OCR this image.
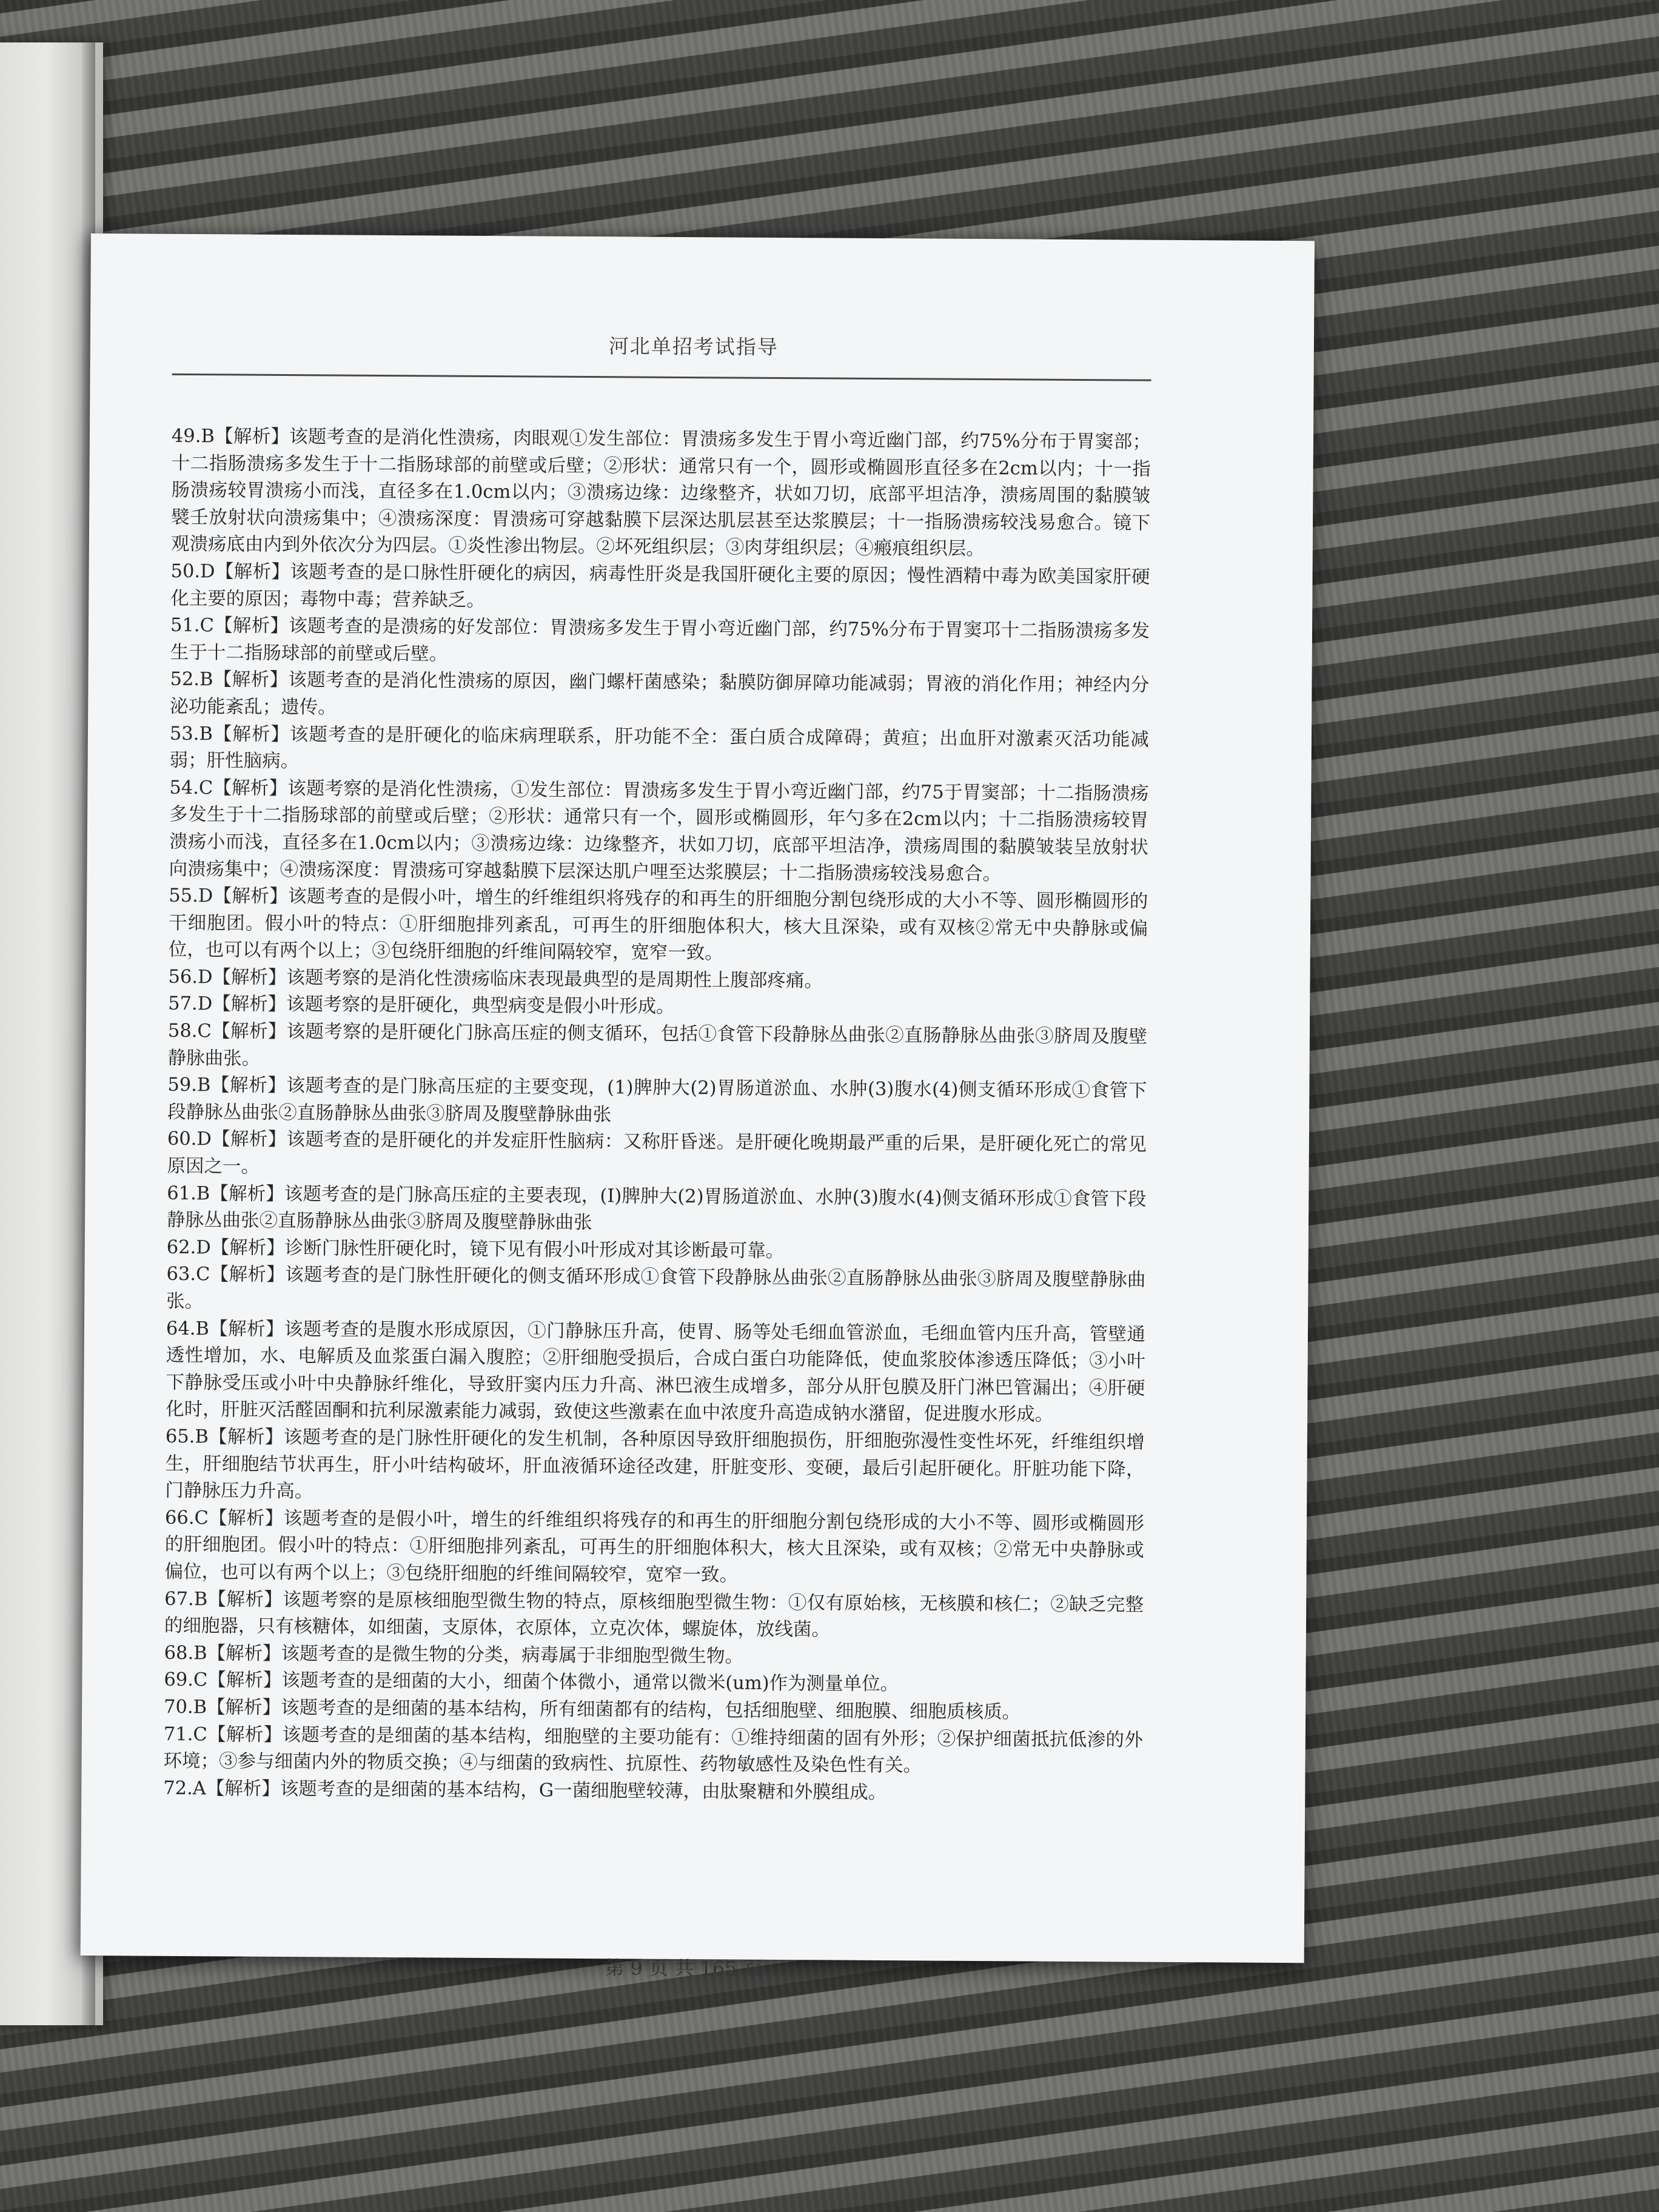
河北单招考试指导

49.B【解析】该题考查的是消化性溃疡，肉眼观①发生部位：胃溃疡多发生于胃小弯近幽门部，约75%分布于胃窦部；十二指肠溃疡多发生于十二指肠球部的前壁或后壁；②形状：通常只有一个，圆形或椭圆形直径多在2cm以内；十一指肠溃疡较胃溃疡小而浅，直径多在1.0cm以内；③溃疡边缘：边缘整齐，状如刀切，底部平坦洁净，溃疡周围的黏膜皱襞壬放射状向溃疡集中；④溃疡深度：胃溃疡可穿越黏膜下层深达肌层甚至达浆膜层；十一指肠溃疡较浅易愈合。镜下观溃疡底由内到外依次分为四层。①炎性渗出物层。②坏死组织层；③肉芽组织层；④瘢痕组织层。

50.D【解析】该题考查的是口脉性肝硬化的病因，病毒性肝炎是我国肝硬化主要的原因；慢性酒精中毒为欧美国家肝硬化主要的原因；毒物中毒；营养缺乏。

51.C【解析】该题考查的是溃疡的好发部位：胃溃疡多发生于胃小弯近幽门部，约75%分布于胃窦邛十二指肠溃疡多发生于十二指肠球部的前壁或后壁。

52.B【解析】该题考查的是消化性溃疡的原因，幽门螺杆菌感染；黏膜防御屏障功能减弱；胃液的消化作用；神经内分泌功能紊乱；遗传。

53.B【解析】该题考查的是肝硬化的临床病理联系，肝功能不全：蛋白质合成障碍；黄疸；出血肝对激素灭活功能减弱；肝性脑病。

54.C【解析】该题考察的是消化性溃疡，①发生部位：胃溃疡多发生于胃小弯近幽门部，约75于胃窦部；十二指肠溃疡多发生于十二指肠球部的前壁或后壁；②形状：通常只有一个，圆形或椭圆形，年勺多在2cm以内；十二指肠溃疡较胃溃疡小而浅，直径多在1.0cm以内；③溃疡边缘：边缘整齐，状如刀切，底部平坦洁净，溃疡周围的黏膜皱装呈放射状向溃疡集中；④溃疡深度：胃溃疡可穿越黏膜下层深达肌户哩至达浆膜层；十二指肠溃疡较浅易愈合。

55.D【解析】该题考查的是假小叶，增生的纤维组织将残存的和再生的肝细胞分割包绕形成的大小不等、圆形椭圆形的干细胞团。假小叶的特点：①肝细胞排列紊乱，可再生的肝细胞体积大，核大且深染，或有双核②常无中央静脉或偏位，也可以有两个以上；③包绕肝细胞的纤维间隔较窄，宽窄一致。

56.D【解析】该题考察的是消化性溃疡临床表现最典型的是周期性上腹部疼痛。

57.D【解析】该题考察的是肝硬化，典型病变是假小叶形成。

58.C【解析】该题考察的是肝硬化门脉高压症的侧支循环，包括①食管下段静脉丛曲张②直肠静脉丛曲张③脐周及腹壁静脉曲张。

59.B【解析】该题考查的是门脉高压症的主要变现，(1)脾肿大(2)胃肠道淤血、水肿(3)腹水(4)侧支循环形成①食管下段静脉丛曲张②直肠静脉丛曲张③脐周及腹壁静脉曲张

60.D【解析】该题考查的是肝硬化的并发症肝性脑病：又称肝昏迷。是肝硬化晚期最严重的后果，是肝硬化死亡的常见原因之一。

61.B【解析】该题考查的是门脉高压症的主要表现，(I)脾肿大(2)胃肠道淤血、水肿(3)腹水(4)侧支循环形成①食管下段静脉丛曲张②直肠静脉丛曲张③脐周及腹壁静脉曲张

62.D【解析】诊断门脉性肝硬化时，镜下见有假小叶形成对其诊断最可靠。

63.C【解析】该题考查的是门脉性肝硬化的侧支循环形成①食管下段静脉丛曲张②直肠静脉丛曲张③脐周及腹壁静脉曲张。

64.B【解析】该题考查的是腹水形成原因，①门静脉压升高，使胃、肠等处毛细血管淤血，毛细血管内压升高，管壁通透性增加，水、电解质及血浆蛋白漏入腹腔；②肝细胞受损后，合成白蛋白功能降低，使血浆胶体渗透压降低；③小叶下静脉受压或小叶中央静脉纤维化，导致肝窦内压力升高、淋巴液生成增多，部分从肝包膜及肝门淋巴管漏出；④肝硬化时，肝脏灭活醛固酮和抗利尿激素能力减弱，致使这些激素在血中浓度升高造成钠水潴留，促进腹水形成。

65.B【解析】该题考查的是门脉性肝硬化的发生机制，各种原因导致肝细胞损伤，肝细胞弥漫性变性坏死，纤维组织增生，肝细胞结节状再生，肝小叶结构破坏，肝血液循环途径改建，肝脏变形、变硬，最后引起肝硬化。肝脏功能下降，门静脉压力升高。

66.C【解析】该题考查的是假小叶，增生的纤维组织将残存的和再生的肝细胞分割包绕形成的大小不等、圆形或椭圆形的肝细胞团。假小叶的特点：①肝细胞排列紊乱，可再生的肝细胞体积大，核大且深染，或有双核；②常无中央静脉或偏位，也可以有两个以上；③包绕肝细胞的纤维间隔较窄，宽窄一致。

67.B【解析】该题考察的是原核细胞型微生物的特点，原核细胞型微生物：①仅有原始核，无核膜和核仁；②缺乏完整的细胞器，只有核糖体，如细菌，支原体，衣原体，立克次体，螺旋体，放线菌。

68.B【解析】该题考查的是微生物的分类，病毒属于非细胞型微生物。

69.C【解析】该题考查的是细菌的大小，细菌个体微小，通常以微米(um)作为测量单位。

70.B【解析】该题考查的是细菌的基本结构，所有细菌都有的结构，包括细胞壁、细胞膜、细胞质核质。

71.C【解析】该题考查的是细菌的基本结构，细胞壁的主要功能有：①维持细菌的固有外形；②保护细菌抵抗低渗的外环境；③参与细菌内外的物质交换；④与细菌的致病性、抗原性、药物敏感性及染色性有关。

72.A【解析】该题考查的是细菌的基本结构，G一菌细胞壁较薄，由肽聚糖和外膜组成。

第 9 页 共 165 页
